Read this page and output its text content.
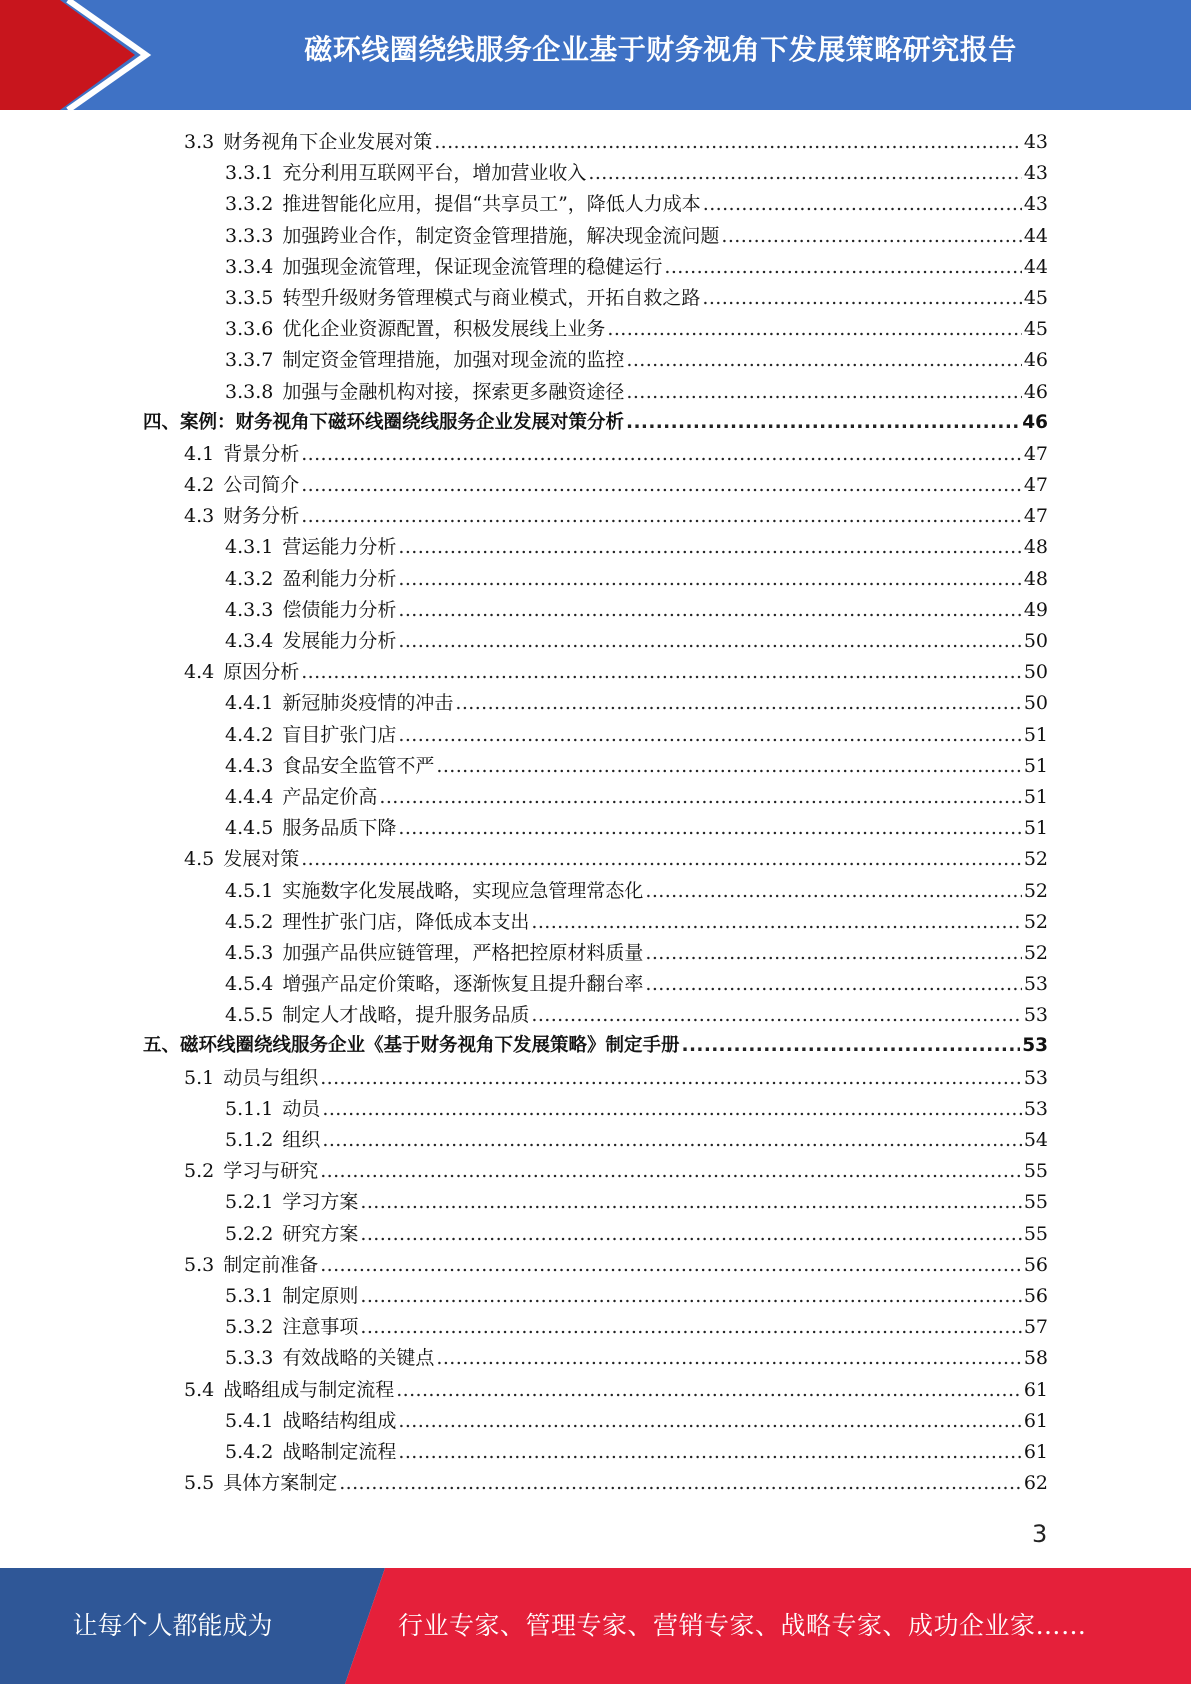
磁环线圈绕线服务企业基于财务视角下发展策略研究报告
3.3 财务视角下企业发展对策 .....	43
3.3.1 充分利用互联网平台，增加营业收入 .....	43
3.3.2 推进智能化应用，提倡“共享员工”，降低人力成本 .....	43
3.3.3 加强跨业合作，制定资金管理措施，解决现金流问题 .....	44
3.3.4 加强现金流管理，保证现金流管理的稳健运行 .....	44
3.3.5 转型升级财务管理模式与商业模式，开拓自救之路 .....	45
3.3.6 优化企业资源配置，积极发展线上业务 .....	45
3.3.7 制定资金管理措施，加强对现金流的监控 .....	46
3.3.8 加强与金融机构对接，探索更多融资途径 .....	46
四、 案例：财务视角下磁环线圈绕线服务企业发展对策分析 .....	46
4.1 背景分析 .....	47
4.2 公司简介 .....	47
4.3 财务分析 .....	47
4.3.1 营运能力分析 .....	48
4.3.2 盈利能力分析 .....	48
4.3.3 偿债能力分析 .....	49
4.3.4 发展能力分析 .....	50
4.4 原因分析 .....	50
4.4.1 新冠肺炎疫情的冲击 .....	50
4.4.2 盲目扩张门店 .....	51
4.4.3 食品安全监管不严 .....	51
4.4.4 产品定价高 .....	51
4.4.5 服务品质下降 .....	51
4.5 发展对策 .....	52
4.5.1 实施数字化发展战略，实现应急管理常态化 .....	52
4.5.2 理性扩张门店，降低成本支出 .....	52
4.5.3 加强产品供应链管理，严格把控原材料质量 .....	52
4.5.4 增强产品定价策略，逐渐恢复且提升翻台率 .....	53
4.5.5 制定人才战略，提升服务品质 .....	53
五、 磁环线圈绕线服务企业《基于财务视角下发展策略》制定手册 .....	53
5.1 动员与组织 .....	53
5.1.1 动员 .....	53
5.1.2 组织 .....	54
5.2 学习与研究 .....	55
5.2.1 学习方案 .....	55
5.2.2 研究方案 .....	55
5.3 制定前准备 .....	56
5.3.1 制定原则 .....	56
5.3.2 注意事项 .....	57
5.3.3 有效战略的关键点 .....	58
5.4 战略组成与制定流程 .....	61
5.4.1 战略结构组成 .....	61
5.4.2 战略制定流程 .....	61
5.5 具体方案制定 .....	62
3
让每个人都能成为	行业专家、管理专家、营销专家、战略专家、成功企业家……
